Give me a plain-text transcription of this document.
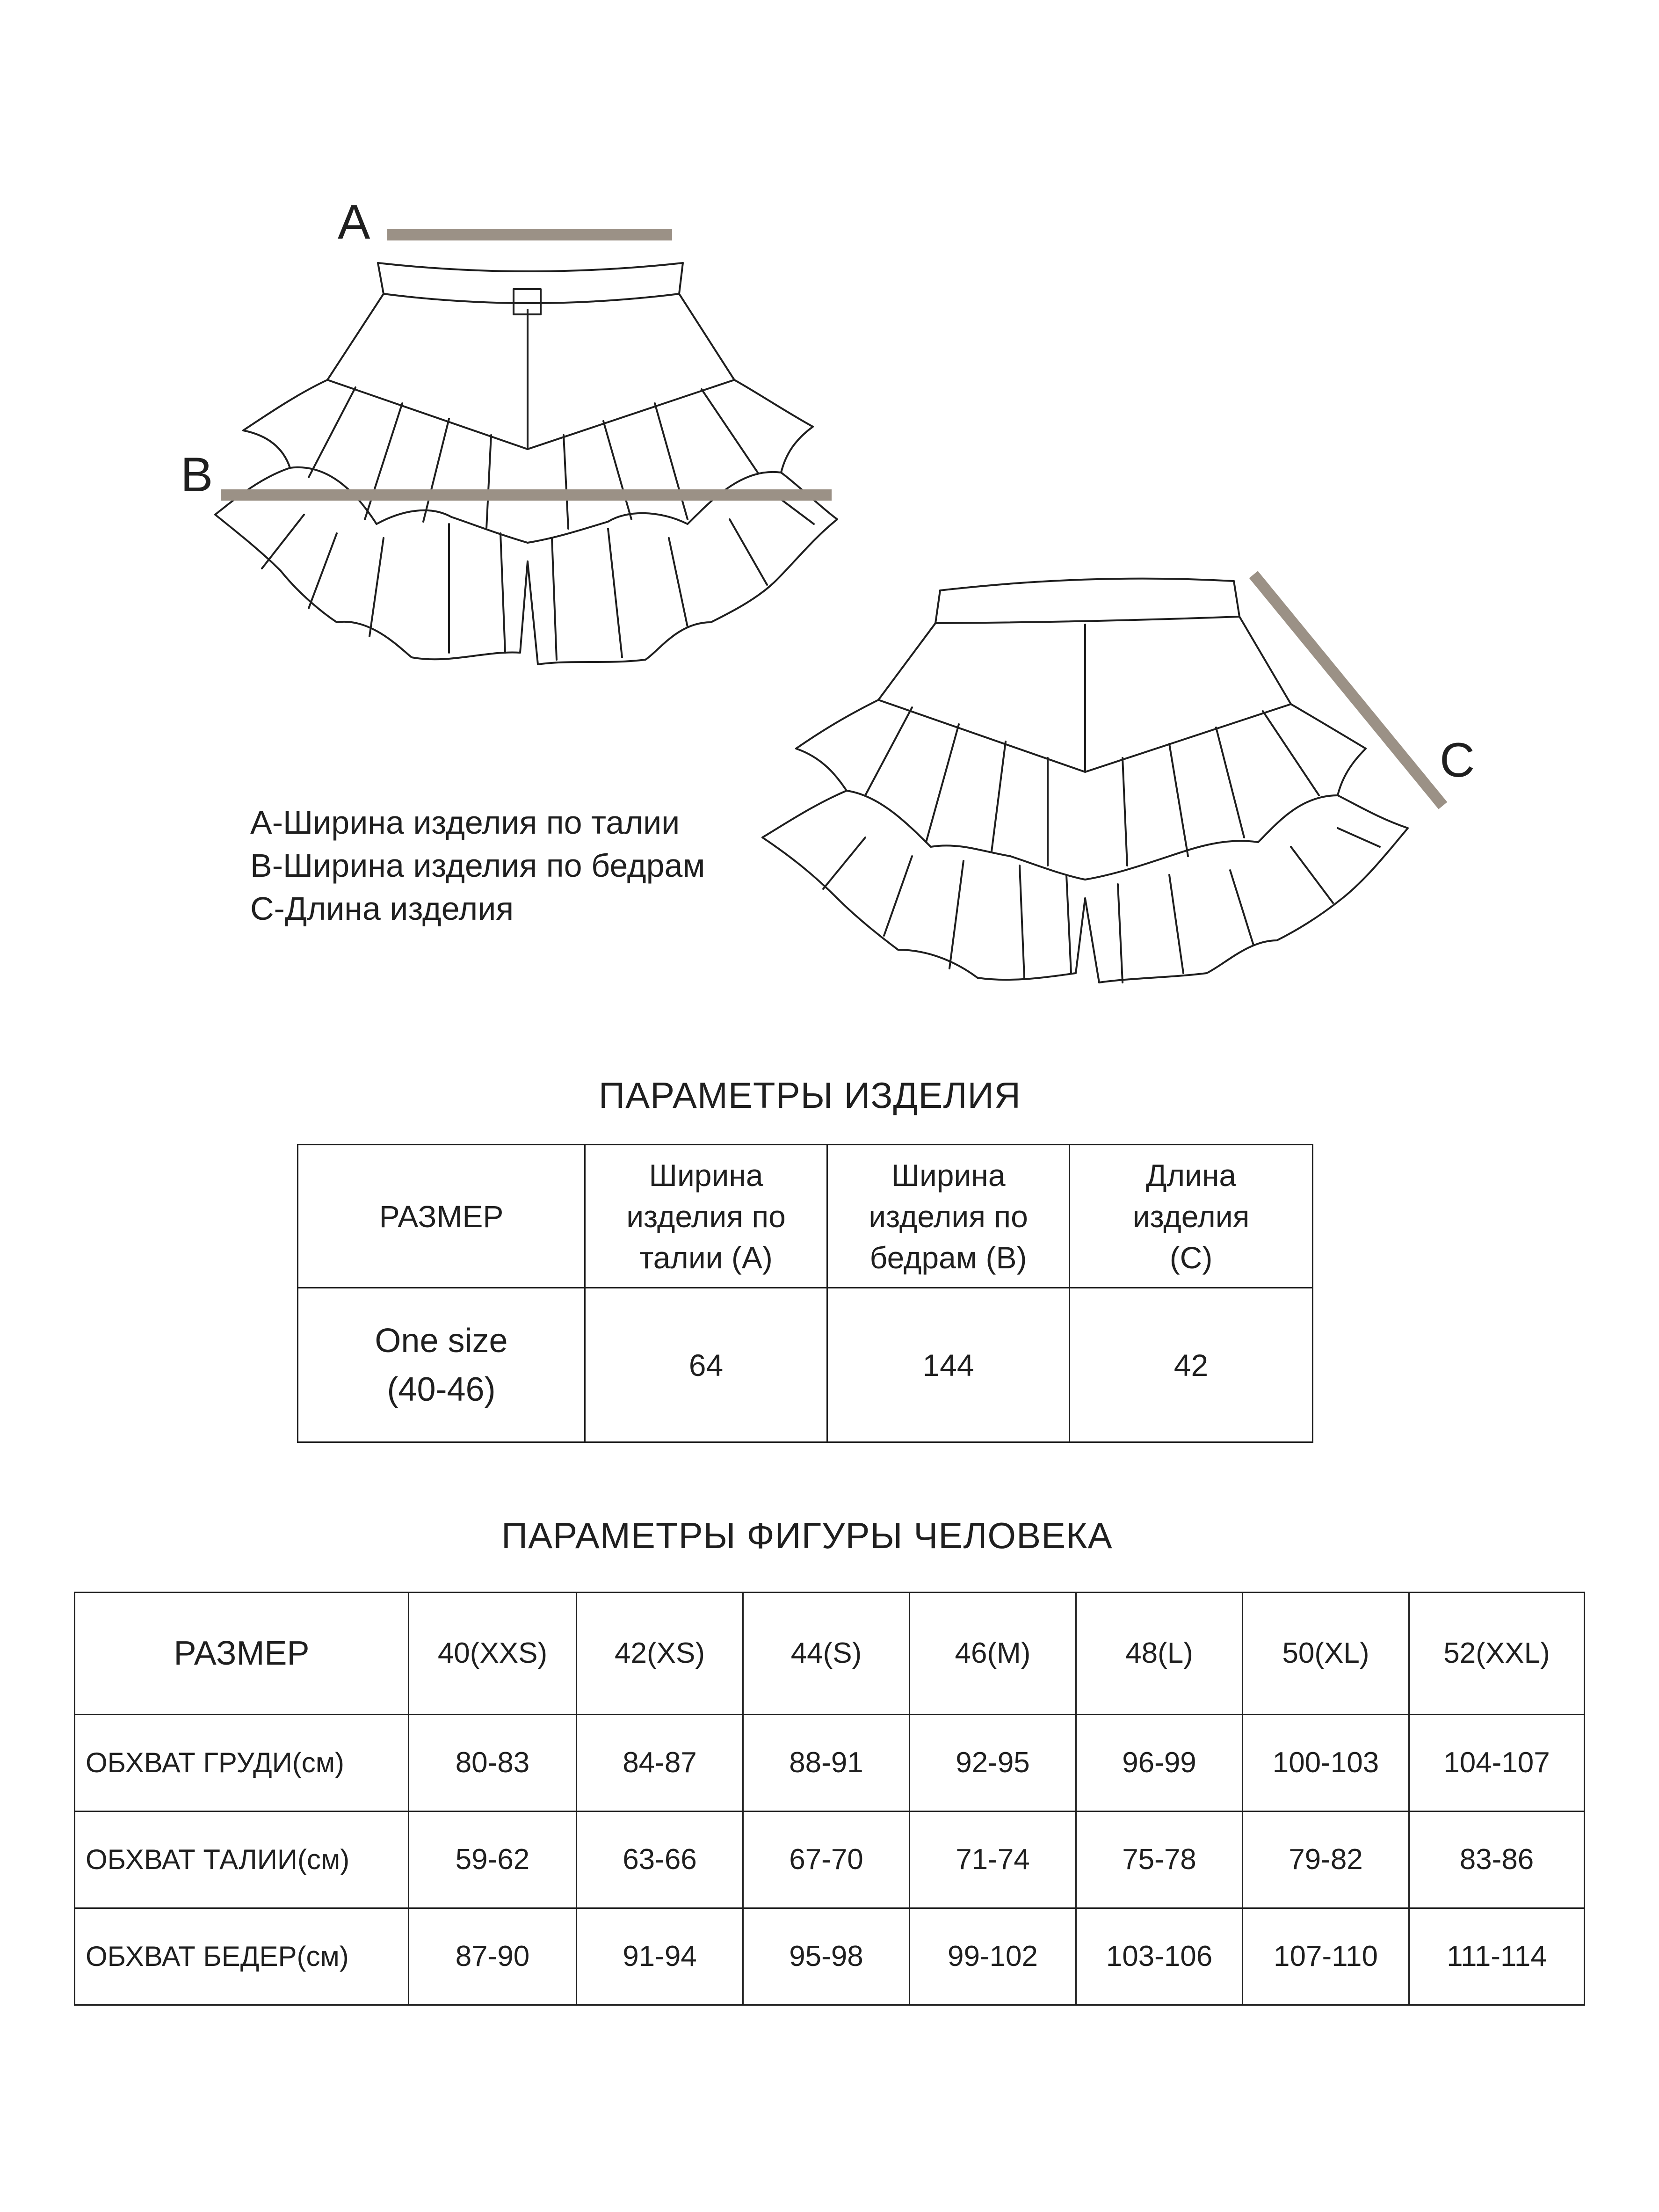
A
B
C
А-Ширина изделия по талии
В-Ширина изделия по бедрам
С-Длина изделия
ПАРАМЕТРЫ ИЗДЕЛИЯ
РАЗМЕР	Ширина изделия по талии (А)	Ширина изделия по бедрам (В)	Длина изделия (С)

One size
(40-46)	64	144	42
ПАРАМЕТРЫ ФИГУРЫ ЧЕЛОВЕКА
РАЗМЕР	40(XXS)	42(XS)	44(S)	46(M)	48(L)	50(XL)	52(XXL)
ОБХВАТ ГРУДИ(см)	80-83	84-87	88-91	92-95	96-99	100-103	104-107
ОБХВАТ ТАЛИИ(см)	59-62	63-66	67-70	71-74	75-78	79-82	83-86
ОБХВАТ БЕДЕР(см)	87-90	91-94	95-98	99-102	103-106	107-110	111-114
